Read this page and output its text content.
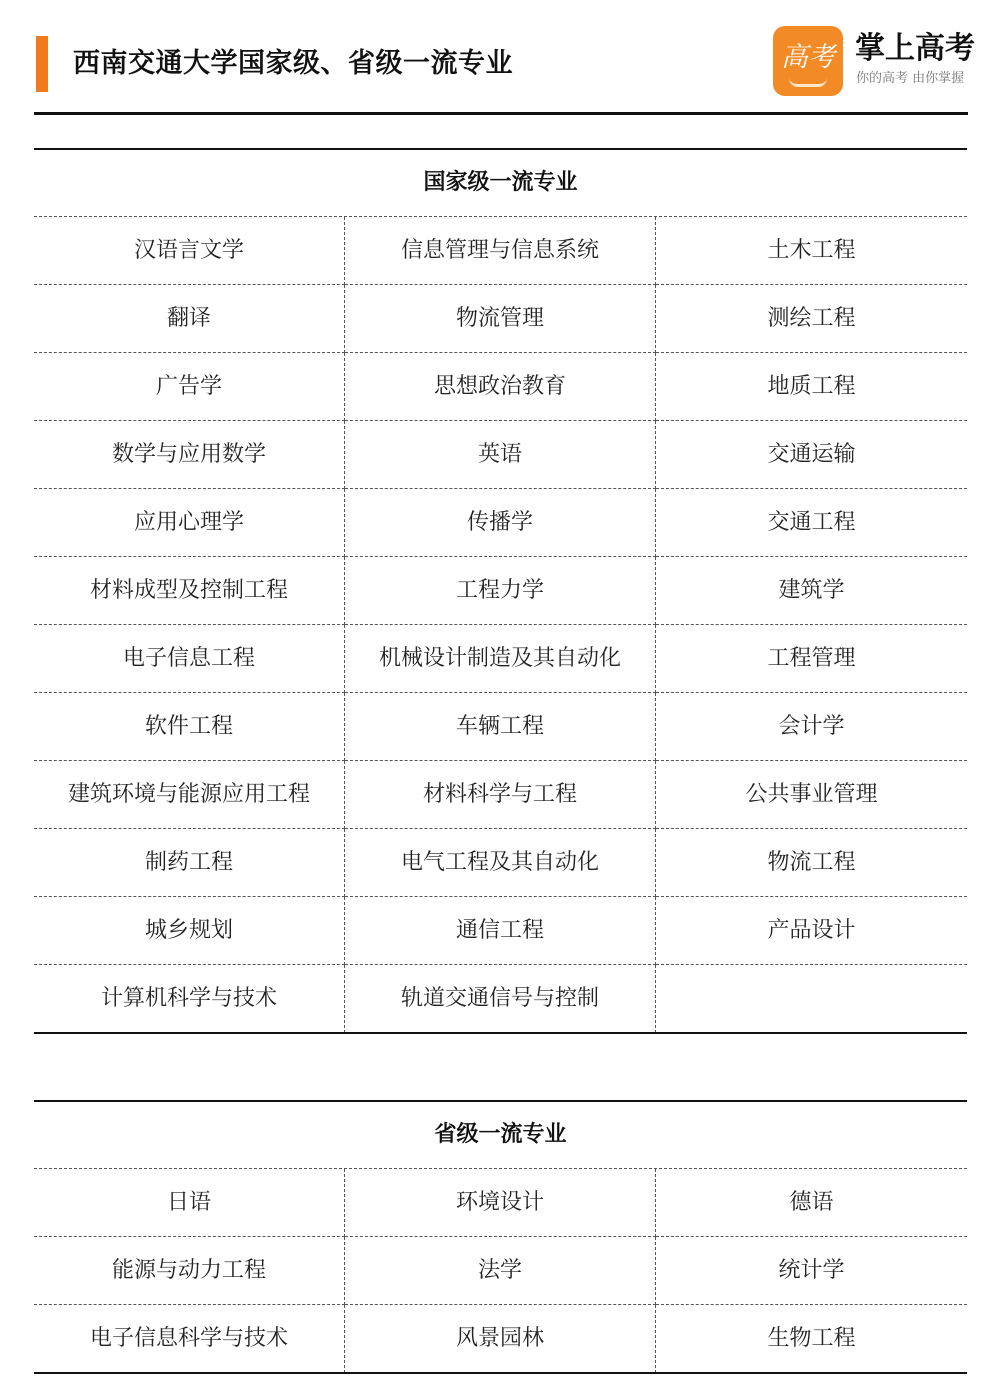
西南交通大学国家级、省级一流专业	高考 掌上高考
你的高考 由你掌握
国家级一流专业
汉语言文学	信息管理与信息系统	土木工程
翻译	物流管理	测绘工程
广告学	思想政治教育	地质工程
数学与应用数学	英语	交通运输
应用心理学	传播学	交通工程
材料成型及控制工程	工程力学	建筑学
电子信息工程	机械设计制造及其自动化	工程管理
软件工程	车辆工程	会计学
建筑环境与能源应用工程	材料科学与工程	公共事业管理
制药工程	电气工程及其自动化	物流工程
城乡规划	通信工程	产品设计
计算机科学与技术	轨道交通信号与控制
省级一流专业
日语	环境设计	德语
能源与动力工程	法学	统计学
电子信息科学与技术	风景园林	生物工程
